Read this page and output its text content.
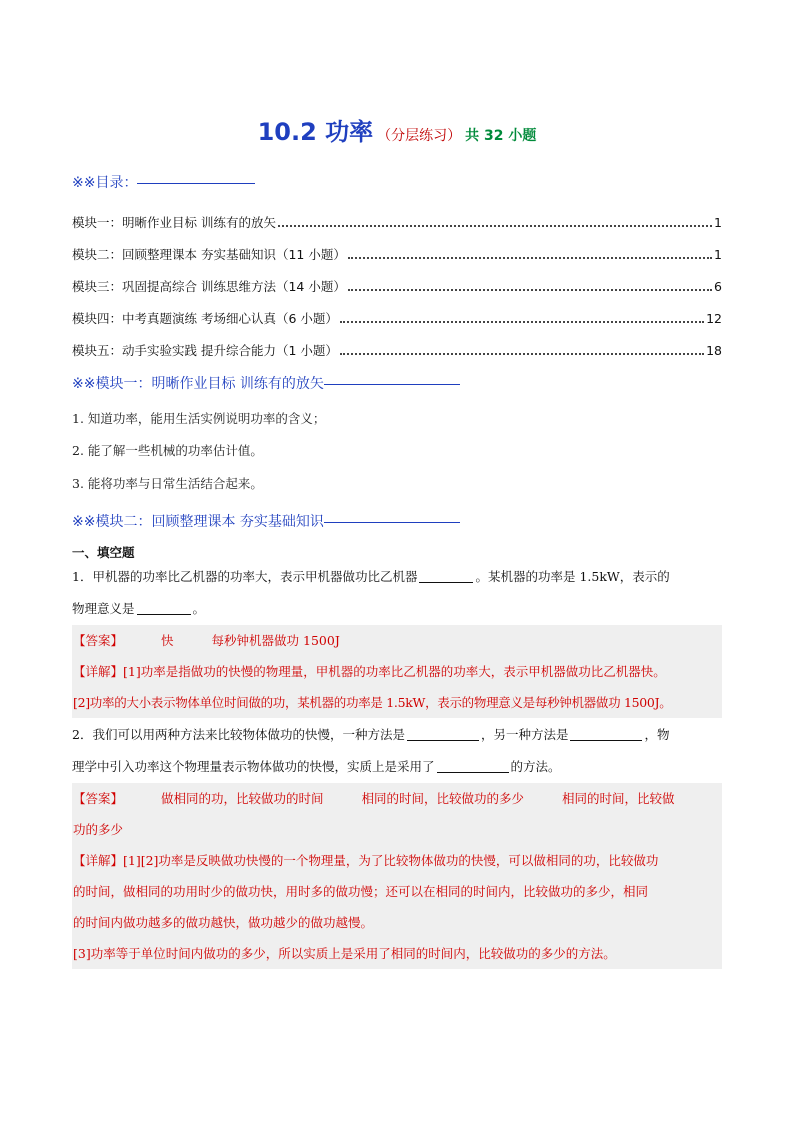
10.2 功率 （分层练习） 共 32 小题
※※目录：
模块一：明晰作业目标 训练有的放矢	1
模块二：回顾整理课本 夯实基础知识（11 小题）	1
模块三：巩固提高综合 训练思维方法（14 小题）	6
模块四：中考真题演练 考场细心认真（6 小题）	12
模块五：动手实验实践 提升综合能力（1 小题）	18
※※模块一：明晰作业目标 训练有的放矢
1. 知道功率，能用生活实例说明功率的含义；
2. 能了解一些机械的功率估计值。
3. 能将功率与日常生活结合起来。
※※模块二：回顾整理课本 夯实基础知识
一、填空题
1．甲机器的功率比乙机器的功率大，表示甲机器做功比乙机器	。某机器的功率是 1.5kW，表示的
物理意义是	。
【答案】	快	每秒钟机器做功 1500J
【详解】[1]功率是指做功的快慢的物理量，甲机器的功率比乙机器的功率大，表示甲机器做功比乙机器快。
[2]功率的大小表示物体单位时间做的功，某机器的功率是 1.5kW，表示的物理意义是每秒钟机器做功 1500J。
2．我们可以用两种方法来比较物体做功的快慢，一种方法是	，另一种方法是	，物
理学中引入功率这个物理量表示物体做功的快慢，实质上是采用了	的方法。
【答案】	做相同的功，比较做功的时间	相同的时间，比较做功的多少	相同的时间，比较做
功的多少
【详解】[1][2]功率是反映做功快慢的一个物理量，为了比较物体做功的快慢，可以做相同的功，比较做功
的时间，做相同的功用时少的做功快，用时多的做功慢；还可以在相同的时间内，比较做功的多少，相同
的时间内做功越多的做功越快，做功越少的做功越慢。
[3]功率等于单位时间内做功的多少，所以实质上是采用了相同的时间内，比较做功的多少的方法。
